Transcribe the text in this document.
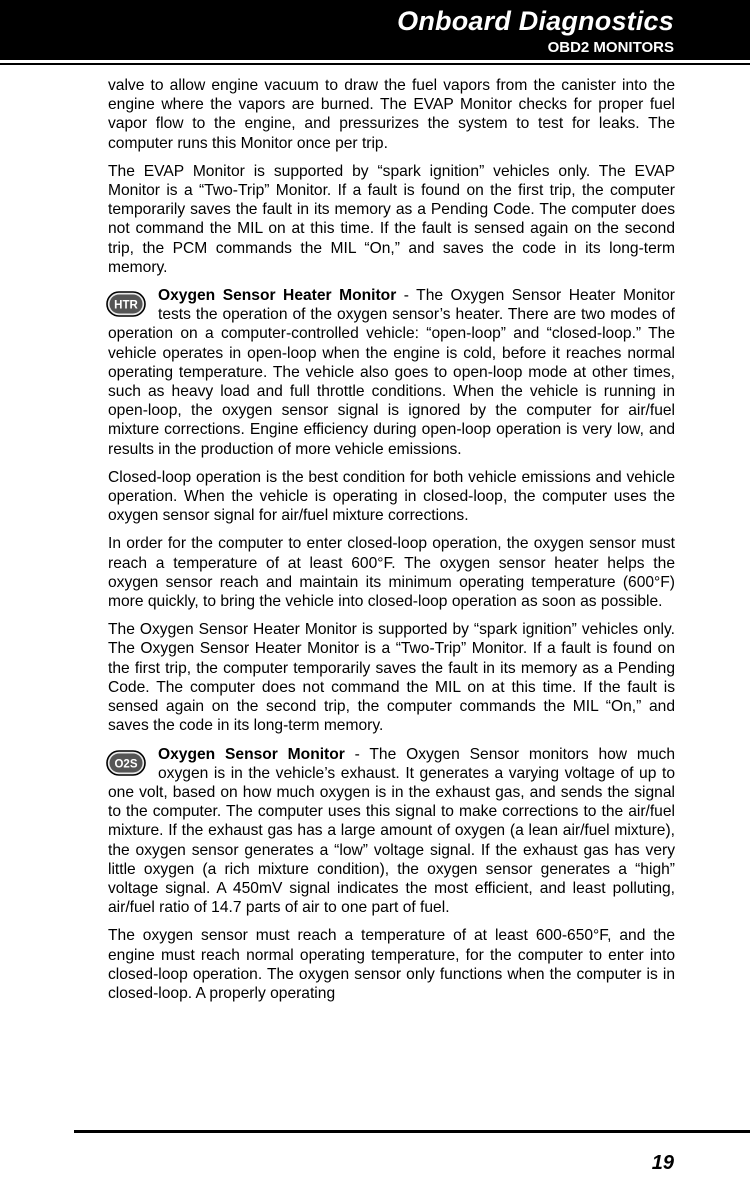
Onboard Diagnostics
OBD2 MONITORS

valve to allow engine vacuum to draw the fuel vapors from the canister into the engine where the vapors are burned. The EVAP Monitor checks for proper fuel vapor flow to the engine, and pressurizes the system to test for leaks. The computer runs this Monitor once per trip.

The EVAP Monitor is supported by “spark ignition” vehicles only. The EVAP Monitor is a “Two-Trip” Monitor. If a fault is found on the first trip, the computer temporarily saves the fault in its memory as a Pending Code. The computer does not command the MIL on at this time. If the fault is sensed again on the second trip, the PCM commands the MIL “On,” and saves the code in its long-term memory.

HTR
Oxygen Sensor Heater Monitor - The Oxygen Sensor Heater Monitor tests the operation of the oxygen sensor’s heater. There are two modes of operation on a computer-controlled vehicle: “open-loop” and “closed-loop.” The vehicle operates in open-loop when the engine is cold, before it reaches normal operating temperature. The vehicle also goes to open-loop mode at other times, such as heavy load and full throttle conditions. When the vehicle is running in open-loop, the oxygen sensor signal is ignored by the computer for air/fuel mixture corrections. Engine efficiency during open-loop operation is very low, and results in the production of more vehicle emissions.

Closed-loop operation is the best condition for both vehicle emissions and vehicle operation. When the vehicle is operating in closed-loop, the computer uses the oxygen sensor signal for air/fuel mixture corrections.

In order for the computer to enter closed-loop operation, the oxygen sensor must reach a temperature of at least 600°F. The oxygen sensor heater helps the oxygen sensor reach and maintain its minimum operating temperature (600°F) more quickly, to bring the vehicle into closed-loop operation as soon as possible.

The Oxygen Sensor Heater Monitor is supported by “spark ignition” vehicles only. The Oxygen Sensor Heater Monitor is a “Two-Trip” Monitor. If a fault is found on the first trip, the computer temporarily saves the fault in its memory as a Pending Code. The computer does not command the MIL on at this time. If the fault is sensed again on the second trip, the computer commands the MIL “On,” and saves the code in its long-term memory.

O2S
Oxygen Sensor Monitor - The Oxygen Sensor monitors how much oxygen is in the vehicle’s exhaust. It generates a varying voltage of up to one volt, based on how much oxygen is in the exhaust gas, and sends the signal to the computer. The computer uses this signal to make corrections to the air/fuel mixture. If the exhaust gas has a large amount of oxygen (a lean air/fuel mixture), the oxygen sensor generates a “low” voltage signal. If the exhaust gas has very little oxygen (a rich mixture condition), the oxygen sensor generates a “high” voltage signal. A 450mV signal indicates the most efficient, and least polluting, air/fuel ratio of 14.7 parts of air to one part of fuel.

The oxygen sensor must reach a temperature of at least 600-650°F, and the engine must reach normal operating temperature, for the computer to enter into closed-loop operation. The oxygen sensor only functions when the computer is in closed-loop. A properly operating

19
